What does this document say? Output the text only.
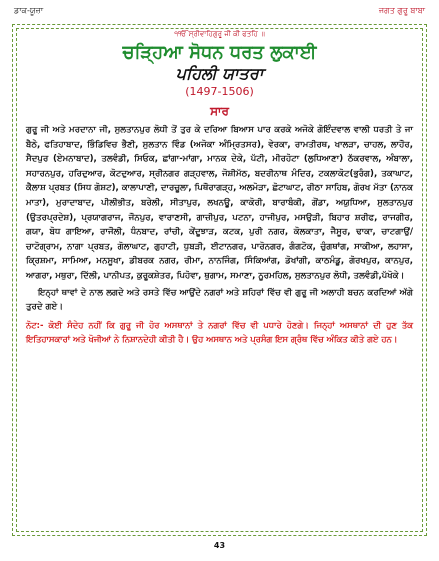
ਡਾਕ-ਯੂਜ਼ਾ	ਜਗਤ ਗੁਰੂ ਬਾਬਾ
੧ੴ ਸ੍ਰੀਵਾਹਿਗੁਰੂ ਜੀ ਕੀ ਫਤਹਿ ॥
ਚੜ੍ਹਿਆ ਸੋਧਨ ਧਰਤ ਲੁਕਾਈ
ਪਹਿਲੀ ਯਾਤਰਾ
(1497-1506)
ਸਾਰ
ਗੁਰੂ ਜੀ ਅਤੇ ਮਰਦਾਨਾ ਜੀ, ਸੁਲਤਾਨਪੁਰ ਲੋਧੀ ਤੋਂ ਤੁਰ ਕੇ ਦਰਿਆ ਬਿਆਸ ਪਾਰ ਕਰਕੇ ਅਜੋਕੇ ਗੋਇੰਦਵਾਲ ਵਾਲੀ ਧਰਤੀ ਤੇ ਜਾ ਬੈਠੇ, ਫਤਿਹਾਬਾਦ, ਭਿੰਡਿਵਿਚ ਭੈਣੀ, ਸੁਲਤਾਨ ਵਿੰਡ (ਅਜੋਕਾ ਅੰਮ੍ਰਿਤਸਰ), ਵੇਰਕਾ, ਰਾਮਤੀਰਥ, ਖਾਲੜਾ, ਚਾਹਲ, ਲਾਹੌਰ, ਸੈਦਪੁਰ (ਏਮਨਾਬਾਦ), ਤਲਵੰਡੀ, ਸਿਓਕ, ਛਾਂਗਾ-ਮਾਂਗਾ, ਮਾਨਕ ਦੇਕੇ, ਪੱਟੀ, ਮੀਰਹੋਟਾ (ਲੁਧਿਆਣਾ) ਠੱਕਰਵਾਲ, ਅੰਬਾਲਾ, ਸਹਾਰਨਪੁਰ, ਹਰਿਦੁਆਰ, ਕੋਟਦੁਆਰ, ਸ੍ਰੀਨਗਰ ਗੜ੍ਹਵਾਲ, ਜੋਸ਼ੀਮੱਠ, ਬਦਰੀਨਾਥ ਮੰਦਿਰ, ਟਕਲਾਕੋਟ(ਭੁਰੰਗ), ਤਕਾਘਾਟ, ਕੈਲਾਸ਼ ਪ੍ਰਬਤ (ਸਿਧ ਗੋਸ਼ਟ), ਕਾਲਾਪਾਣੀ, ਦਾਰਚੂਲਾ, ਪਿਥੌਰਾਗੜ੍ਹ, ਅਲਮੋੜਾ, ਛੋਟਾਘਾਟ, ਰੀਠਾ ਸਾਹਿਬ, ਗੋਰਖ ਮੱਤਾ (ਨਾਨਕ ਮਾਤਾ), ਮੁਰਾਦਾਬਾਦ, ਪੀਲੀਭੀਤ, ਬਰੇਲੀ, ਸੀਤਾਪੁਰ, ਲਖਨਊ, ਕਾਕੋਰੀ, ਬਾਰਾਬੰਕੀ, ਗੋਂਡਾ, ਅਯੁਧਿਆ, ਸੁਲਤਾਨਪੁਰ (ਉਤਰਪ੍ਰਦੇਸ਼), ਪ੍ਰਯਾਗਰਾਜ, ਜੌਨਪੁਰ, ਵਾਰਾਣਸੀ, ਗਾਜ਼ੀਪੁਰ, ਪਟਨਾ, ਹਾਜੀਪੁਰ, ਮਸਉੜੀ, ਬਿਹਾਰ ਸ਼ਰੀਫ, ਰਾਜਗੀਰ, ਗਯਾ, ਬੋਧ ਗਾਇਆ, ਰਾਜੌਲੀ, ਧੰਨਬਾਦ, ਰਾਂਚੀ, ਕੇਂਦੂਝਾੜ, ਕਟਕ, ਪੁਰੀ ਨਗਰ, ਕੋਲਕਾਤਾ, ਜੈਸੂਰ, ਢਾਕਾ, ਚਾਟਗਾਉਂ/ਚਾਟੋਗ੍ਰਾਮ, ਨਾਗਾ ਪ੍ਰਬਤ, ਗੋਲਾਘਾਟ, ਗੁਹਾਟੀ, ਧੁਬੜੀ, ਈਟਾਨਗਰ, ਪਾਰੋਨਗਰ, ਗੰਗਟੋਕ, ਚੁੰਗਥਾਂਗ, ਸਾਕੀਆ, ਲਹਾਸਾ, ਕ੍ਰਿਸ਼ਮਾ, ਸਾਮਿਆ, ਮਨਸੂਖਾ, ਡੀਬਰਕ ਨਗਰ, ਰੀਮਾ, ਨਾਨਜਿੰਗ, ਸਿੰਕਿਆਂਗ, ਡੋਖਾਂਗੀ, ਕਾਠਮੰਡੂ, ਗੋਰਖਪੁਰ, ਕਾਨਪੁਰ, ਆਗਰਾ, ਮਥੁਰਾ, ਦਿੱਲੀ, ਪਾਨੀਪਤ, ਕੁਰੂਕਸ਼ੇਤਰ, ਪਿਹੋਵਾ, ਥੁਗਾਮ, ਸਮਾਣਾ, ਨੂਰਮਹਿਲ, ਸੁਲਤਾਨਪੁਰ ਲੋਧੀ, ਤਲਵੰਡੀ,ਪੱਖੋਕੇ।
ਇਨ੍ਹਾਂ ਥਾਵਾਂ ਦੇ ਨਾਲ ਲਗਦੇ ਅਤੇ ਰਸਤੇ ਵਿੱਚ ਆਉਂਦੇ ਨਗਰਾਂ ਅਤੇ ਸ਼ਹਿਰਾਂ ਵਿੱਚ ਵੀ ਗੁਰੂ ਜੀ ਅਲਾਹੀ ਬਚਨ ਕਰਦਿਆਂ ਅੱਗੇ ਤੁਰਦੇ ਗਏ।
ਨੋਟ:- ਕੋਈ ਸੰਦੇਹ ਨਹੀਂ ਕਿ ਗੁਰੂ ਜੀ ਹੋਰ ਅਸਥਾਨਾਂ ਤੇ ਨਗਰਾਂ ਵਿੱਚ ਵੀ ਪਧਾਰੇ ਹੋਣਗੇ। ਜਿਨ੍ਹਾਂ ਅਸਥਾਨਾਂ ਦੀ ਹੁਣ ਤੱਕ ਇਤਿਹਾਸਕਾਰਾਂ ਅਤੇ ਖੋਜੀਆਂ ਨੇ ਨਿਸ਼ਾਨਦੇਹੀ ਕੀਤੀ ਹੈ। ਉਹ ਅਸਥਾਨ ਅਤੇ ਪ੍ਰਸੰਗ ਇਸ ਗ੍ਰੰਥ ਵਿੱਚ ਅੰਕਿਤ ਕੀਤੇ ਗਏ ਹਨ।
43
